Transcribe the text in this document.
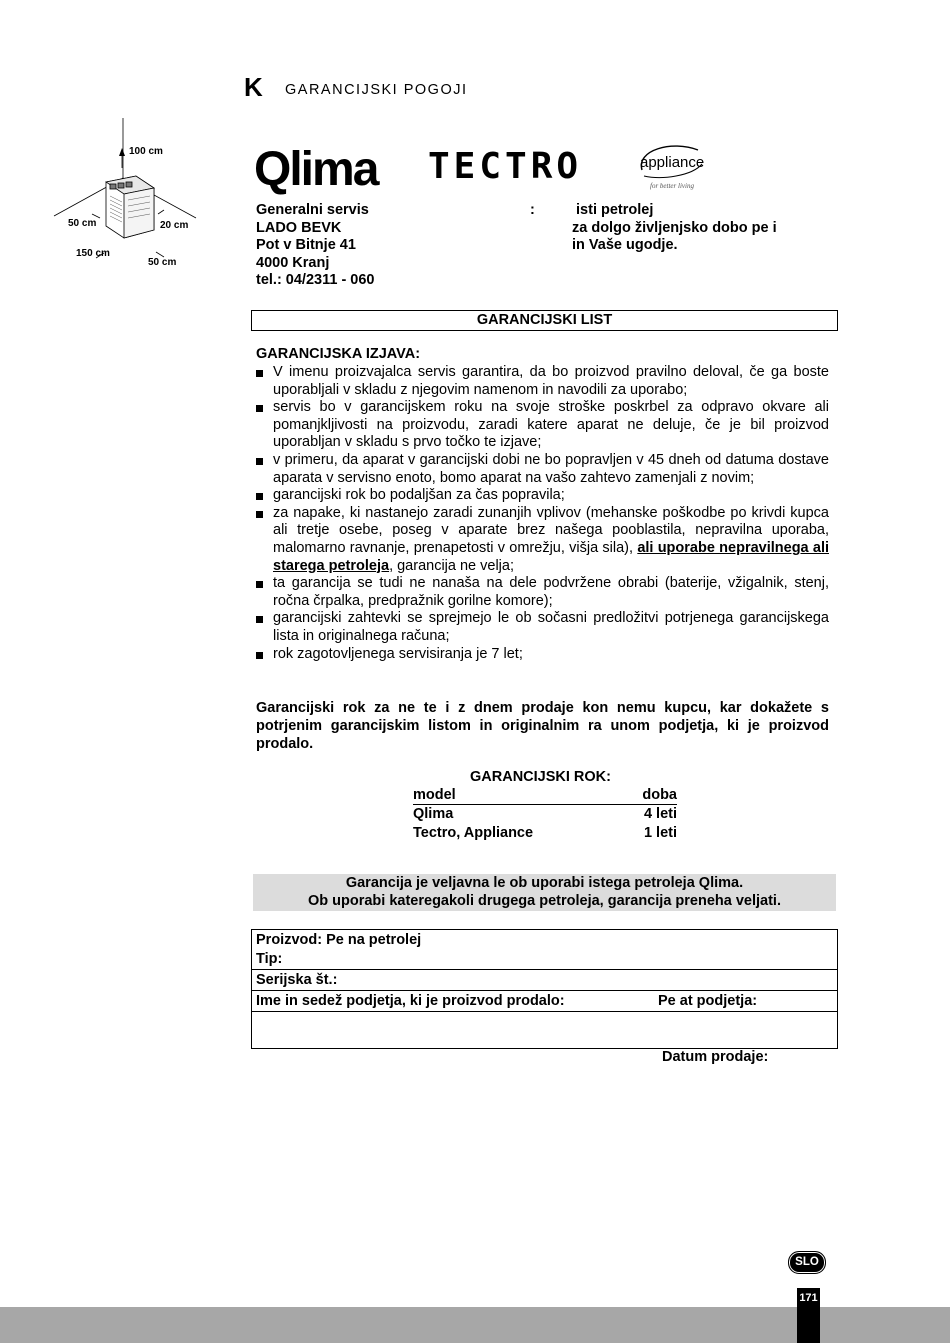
K GARANCIJSKI POGOJI
100 cm
50 cm	20 cm
150 cm
50 cm
Qlima TECTRO	appliance
for better living
Generalni servis
LADO BEVK
Pot v Bitnje 41
4000 Kranj
tel.: 04/2311 - 060
:	isti petrolej
za dolgo življenjsko dobo pe i
in Vaše ugodje.
GARANCIJSKI LIST
GARANCIJSKA IZJAVA:
V imenu proizvajalca servis garantira, da bo proizvod pravilno deloval, če ga boste uporabljali v skladu z njegovim namenom in navodili za uporabo;
servis bo v garancijskem roku na svoje stroške poskrbel za odpravo okvare ali pomanjkljivosti na proizvodu, zaradi katere aparat ne deluje, če je bil proizvod uporabljan v skladu s prvo točko te izjave;
v primeru, da aparat v garancijski dobi ne bo popravljen v 45 dneh od datuma dostave aparata v servisno enoto, bomo aparat na vašo zahtevo zamenjali z novim;
garancijski rok bo podaljšan za čas popravila;
za napake, ki nastanejo zaradi zunanjih vplivov (mehanske poškodbe po krivdi kupca ali tretje osebe, poseg v aparate brez našega pooblastila, nepravilna uporaba, malomarno ravnanje, prenapetosti v omrežju, višja sila), ali uporabe nepravilnega ali starega petroleja, garancija ne velja;
ta garancija se tudi ne nanaša na dele podvržene obrabi (baterije, vžigalnik, stenj, ročna črpalka, predpražnik gorilne komore);
garancijski zahtevki se sprejmejo le ob sočasni predložitvi potrjenega garancijskega lista in originalnega računa;
rok zagotovljenega servisiranja je 7 let;
Garancijski rok za ne te i z dnem prodaje kon nemu kupcu, kar dokažete s potrjenim garancijskim listom in originalnim ra unom podjetja, ki je proizvod prodalo.
GARANCIJSKI ROK:
model	doba
Qlima	4 leti
Tectro, Appliance	1 leti
Garancija je veljavna le ob uporabi istega petroleja Qlima.
Ob uporabi kateregakoli drugega petroleja, garancija preneha veljati.
Proizvod: Pe na petrolej
Tip:
Serijska št.:
Ime in sedež podjetja, ki je proizvod prodalo:	Pe at podjetja:
Datum prodaje:
SLO
171
